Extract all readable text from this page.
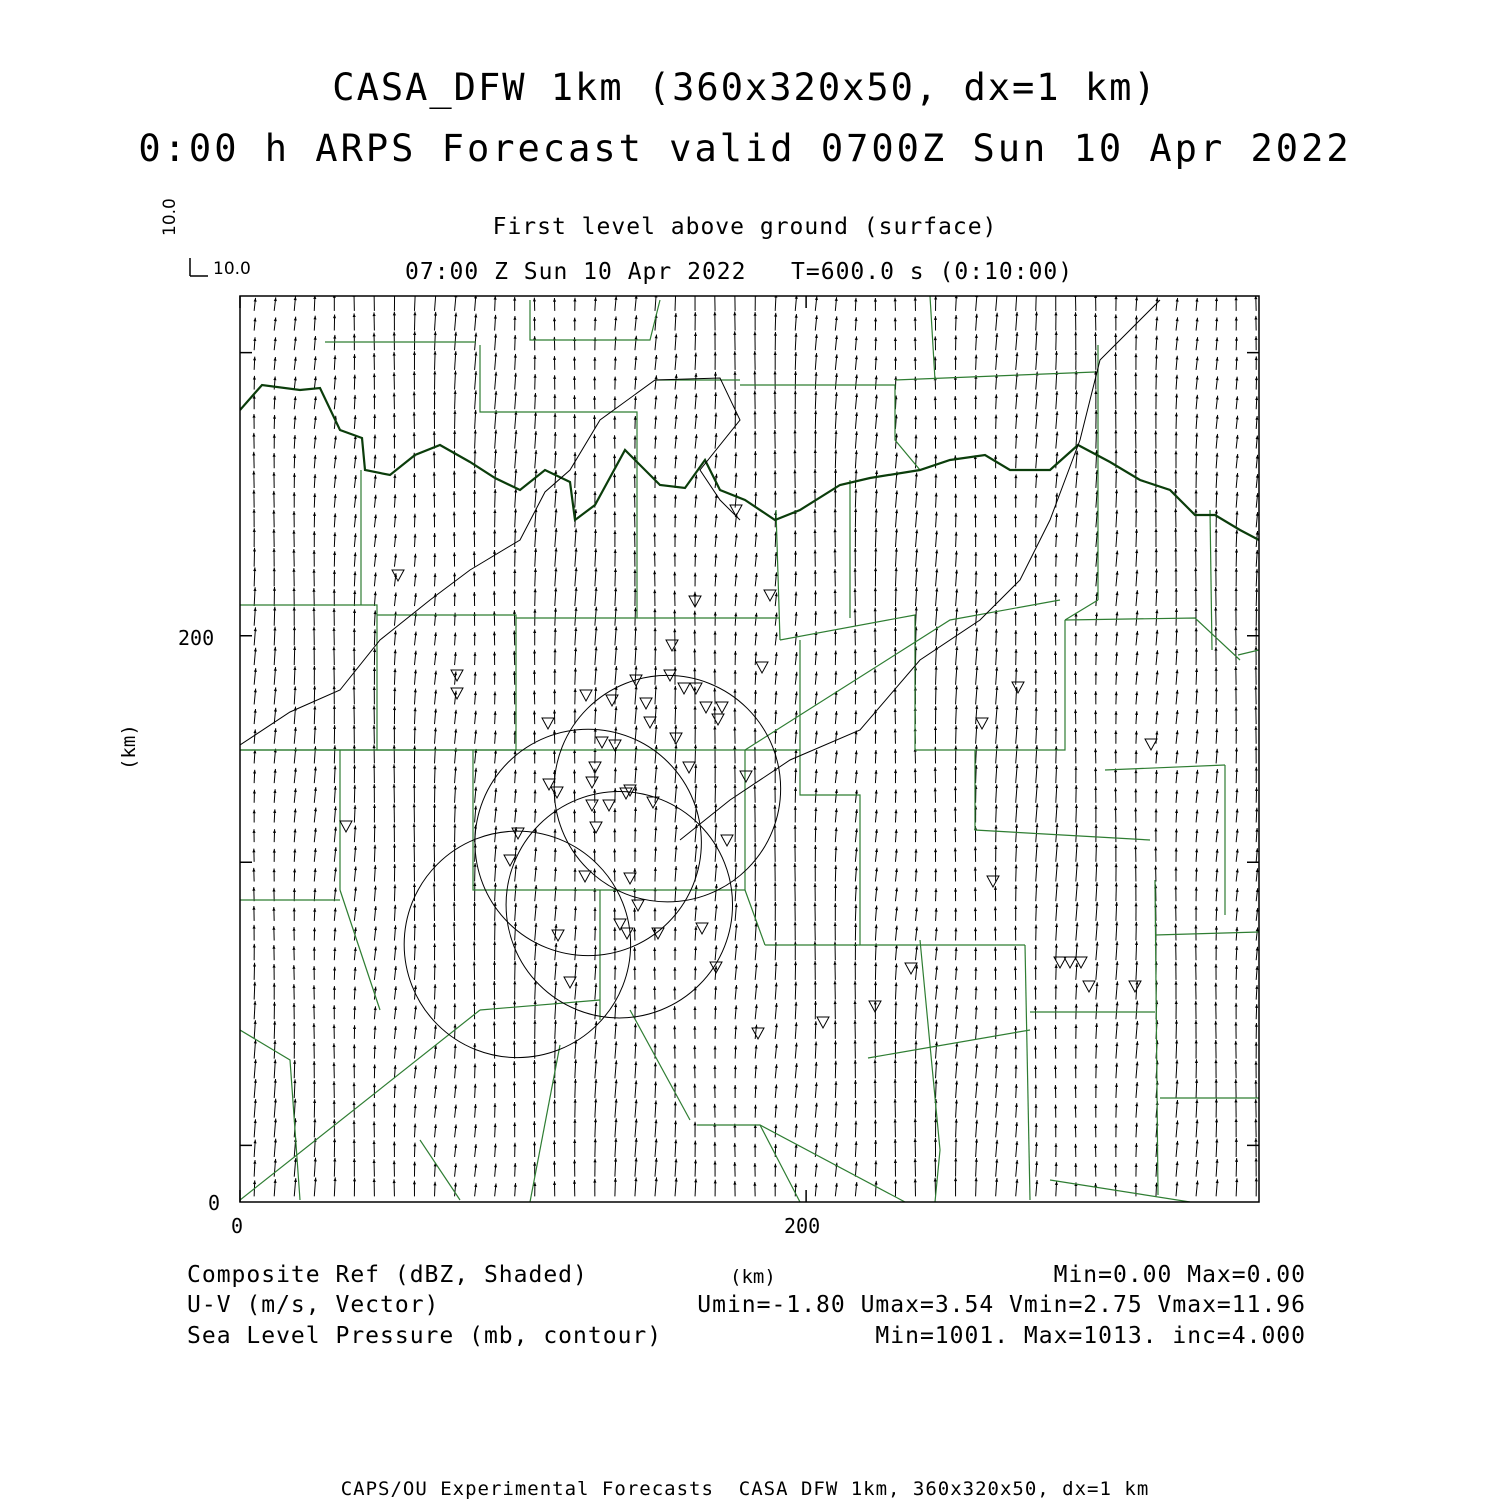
CASA_DFW 1km (360x320x50, dx=1 km)
0:00 h ARPS Forecast valid 0700Z Sun 10 Apr 2022
First level above ground (surface)
07:00 Z Sun 10 Apr 2022   T=600.0 s (0:10:00)
10.0
10.0
200
0
0	200
(km)
(km)
Composite Ref (dBZ, Shaded)
U-V (m/s, Vector)
Sea Level Pressure (mb, contour)
Min=0.00 Max=0.00
Umin=-1.80 Umax=3.54 Vmin=2.75 Vmax=11.96
Min=1001. Max=1013. inc=4.000
CAPS/OU Experimental Forecasts  CASA DFW 1km, 360x320x50, dx=1 km
